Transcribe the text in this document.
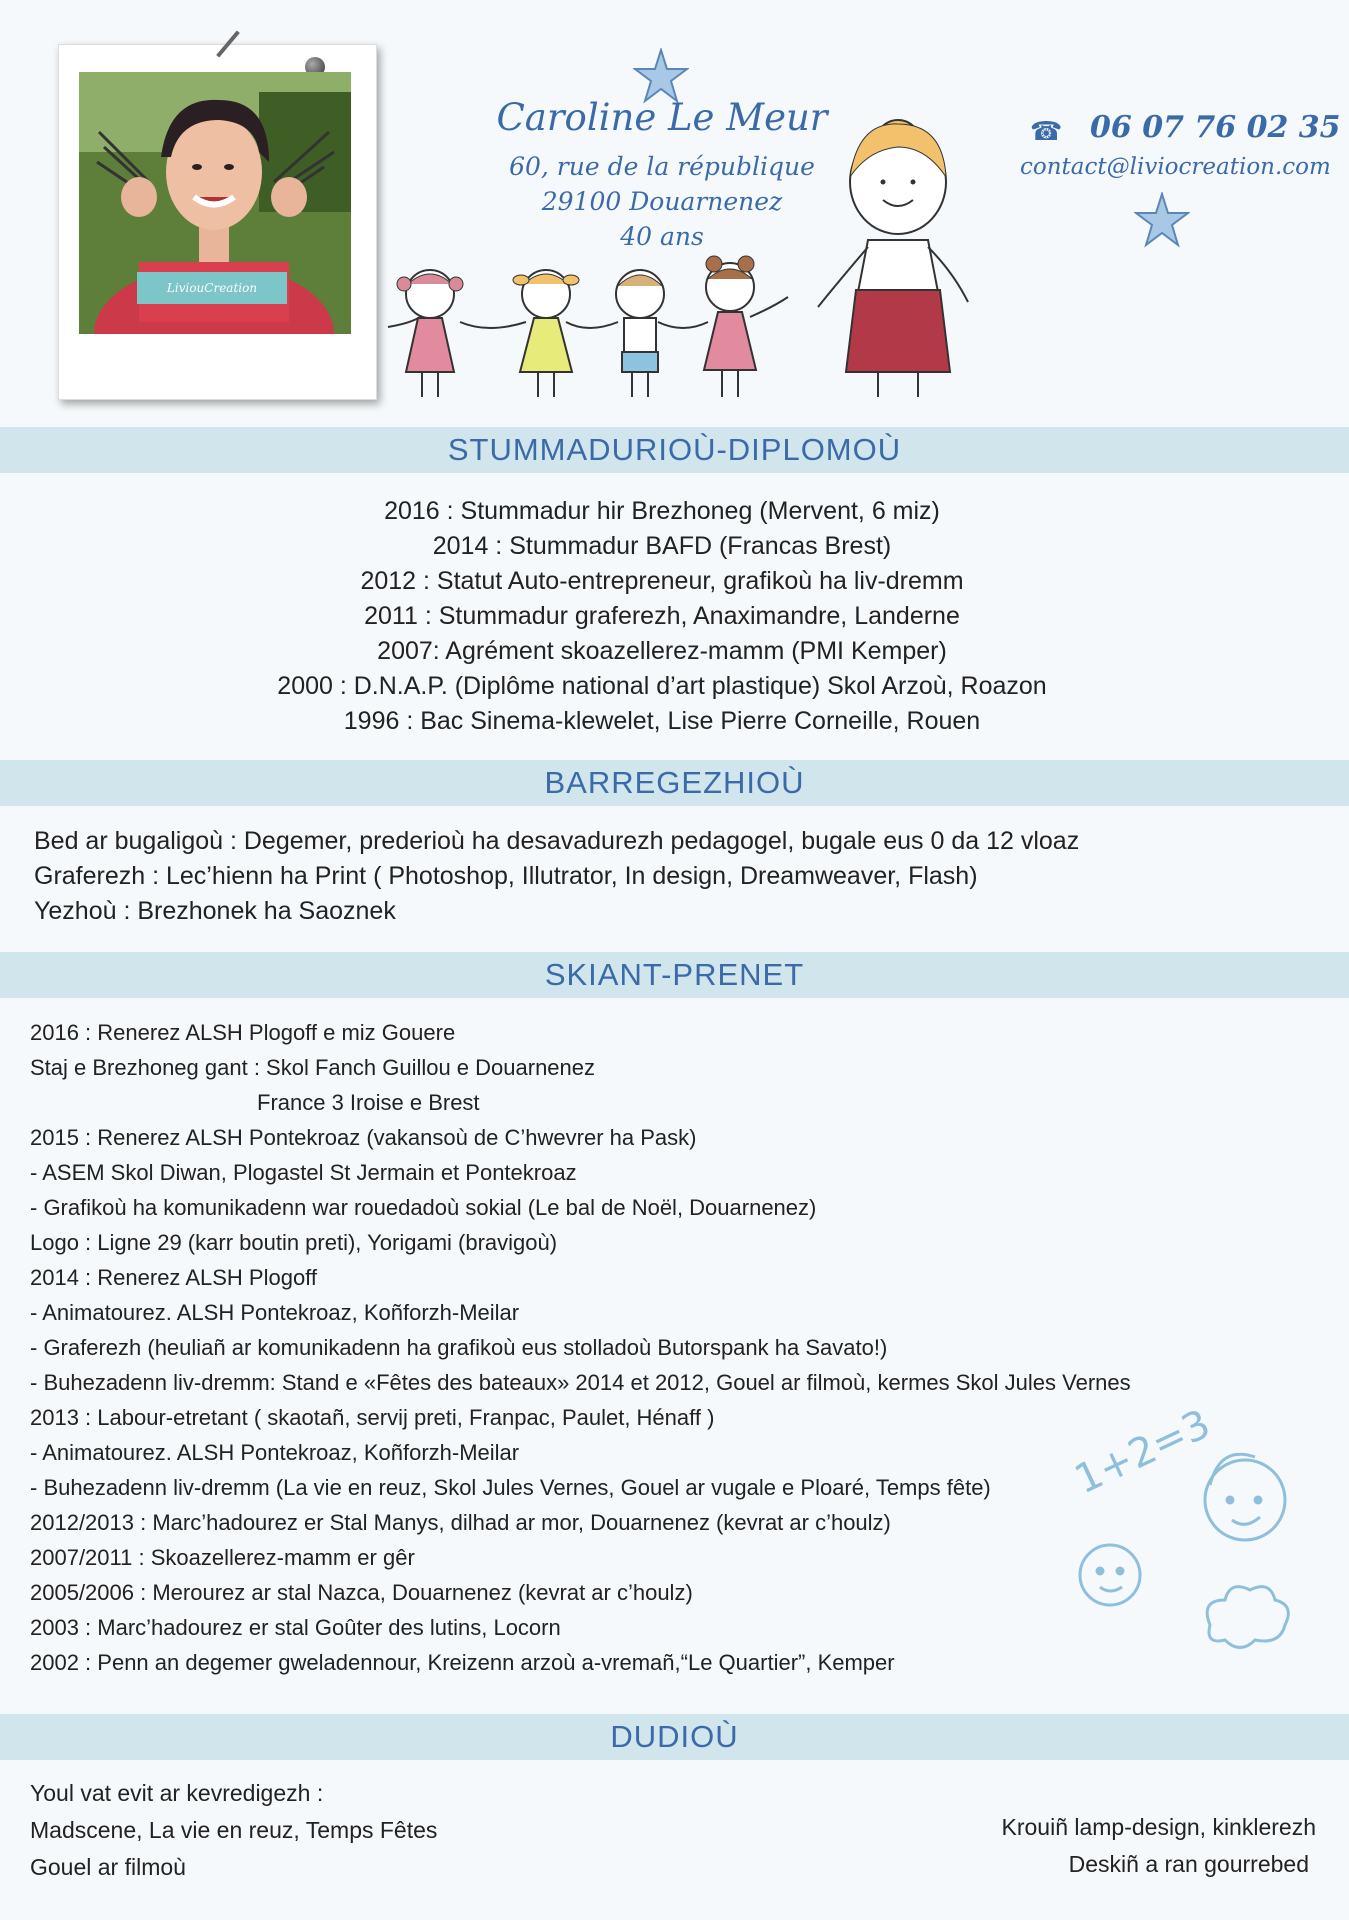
LiviouCreation
Caroline Le Meur
60, rue de la république
29100 Douarnenez
40 ans
☎ 06 07 76 02 35
contact@liviocreation.com
STUMMADURIOÙ-DIPLOMOÙ
2016 : Stummadur hir Brezhoneg (Mervent, 6 miz)
2014 : Stummadur BAFD (Francas Brest)
2012 : Statut Auto-entrepreneur, grafikoù ha liv-dremm
2011 : Stummadur graferezh, Anaximandre, Landerne
2007: Agrément skoazellerez-mamm (PMI Kemper)
2000 : D.N.A.P. (Diplôme national d’art plastique) Skol Arzoù, Roazon
1996 : Bac Sinema-klewelet, Lise Pierre Corneille, Rouen
BARREGEZHIOÙ
Bed ar bugaligoù : Degemer, prederioù ha desavadurezh pedagogel, bugale eus 0 da 12 vloaz
Graferezh : Lec’hienn ha Print ( Photoshop, Illutrator, In design, Dreamweaver, Flash)
Yezhoù : Brezhonek ha Saoznek
SKIANT-PRENET
2016 : Renerez ALSH Plogoff e miz Gouere
Staj e Brezhoneg gant : Skol Fanch Guillou e Douarnenez
France 3 Iroise e Brest
2015 : Renerez ALSH Pontekroaz (vakansoù de C’hwevrer ha Pask)
- ASEM Skol Diwan, Plogastel St Jermain et Pontekroaz
- Grafikoù ha komunikadenn war rouedadoù sokial (Le bal de Noël, Douarnenez)
Logo : Ligne 29 (karr boutin preti), Yorigami (bravigoù)
2014 : Renerez ALSH Plogoff
- Animatourez. ALSH Pontekroaz, Koñforzh-Meilar
- Graferezh (heuliañ ar komunikadenn ha grafikoù eus stolladoù Butorspank ha Savato!)
- Buhezadenn liv-dremm: Stand e «Fêtes des bateaux» 2014 et 2012, Gouel ar filmoù, kermes Skol Jules Vernes
2013 : Labour-etretant ( skaotañ, servij preti, Franpac, Paulet, Hénaff )
- Animatourez. ALSH Pontekroaz, Koñforzh-Meilar
- Buhezadenn liv-dremm (La vie en reuz, Skol Jules Vernes, Gouel ar vugale e Ploaré, Temps fête)
2012/2013 : Marc’hadourez er Stal Manys, dilhad ar mor, Douarnenez (kevrat ar c’houlz)
2007/2011 : Skoazellerez-mamm er gêr
2005/2006 : Merourez ar stal Nazca, Douarnenez (kevrat ar c’houlz)
2003 : Marc’hadourez er stal Goûter des lutins, Locorn
2002 : Penn an degemer gweladennour, Kreizenn arzoù a-vremañ,“Le Quartier”, Kemper
1+2=3
DUDIOÙ
Youl vat evit ar kevredigezh :
Madscene, La vie en reuz, Temps Fêtes
Gouel ar filmoù
Krouiñ lamp-design, kinklerezh
Deskiñ a ran gourrebed
